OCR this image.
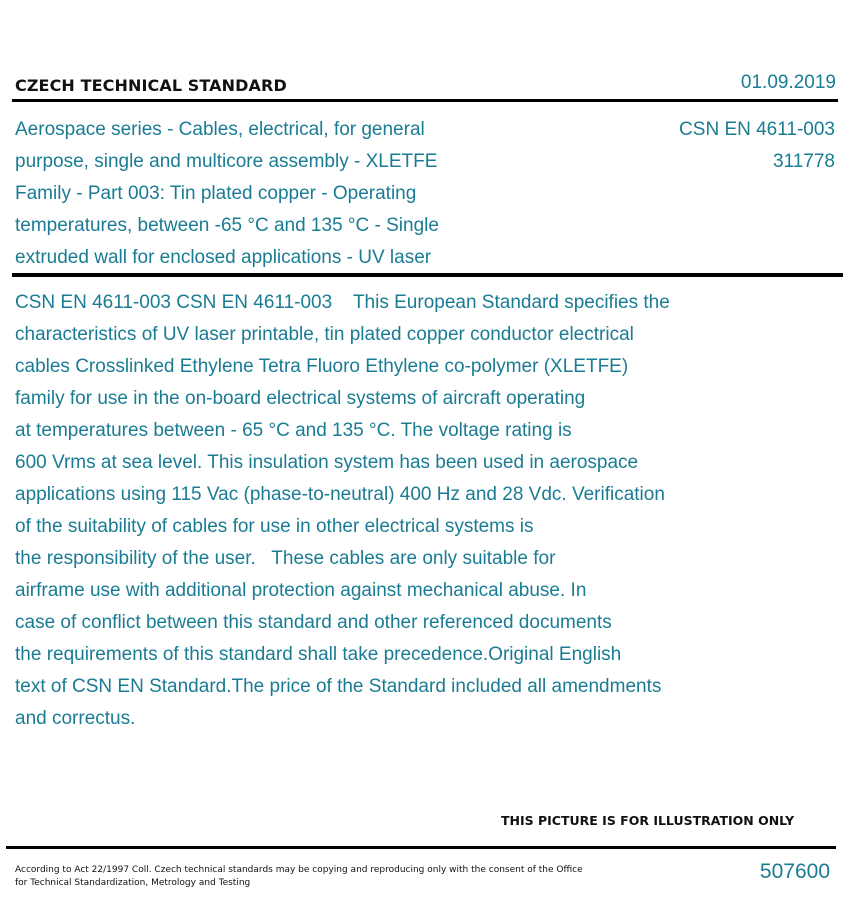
CZECH TECHNICAL STANDARD	01.09.2019
Aerospace series - Cables, electrical, for general
purpose, single and multicore assembly - XLETFE
Family - Part 003: Tin plated copper - Operating
temperatures, between -65 °C and 135 °C - Single
extruded wall for enclosed applications - UV laser
CSN EN 4611-003
311778
CSN EN 4611-003 CSN EN 4611-003    This European Standard specifies the
characteristics of UV laser printable, tin plated copper conductor electrical
cables Crosslinked Ethylene Tetra Fluoro Ethylene co-polymer (XLETFE)
family for use in the on-board electrical systems of aircraft operating
at temperatures between - 65 °C and 135 °C. The voltage rating is
600 Vrms at sea level. This insulation system has been used in aerospace
applications using 115 Vac (phase-to-neutral) 400 Hz and 28 Vdc. Verification
of the suitability of cables for use in other electrical systems is
the responsibility of the user.   These cables are only suitable for
airframe use with additional protection against mechanical abuse. In
case of conflict between this standard and other referenced documents
the requirements of this standard shall take precedence.Original English
text of CSN EN Standard.The price of the Standard included all amendments
and correctus.
THIS PICTURE IS FOR ILLUSTRATION ONLY
According to Act 22/1997 Coll. Czech technical standards may be copying and reproducing only with the consent of the Office
for Technical Standardization, Metrology and Testing	507600
